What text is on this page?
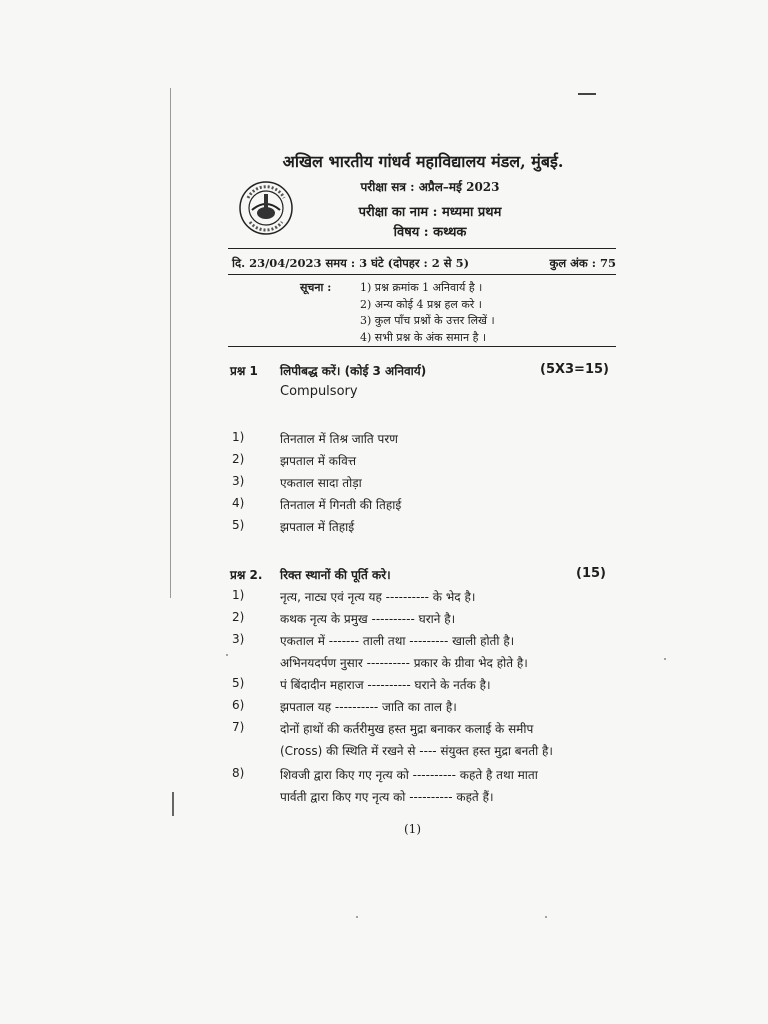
अखिल भारतीय गांधर्व महाविद्यालय मंडल, मुंबई.
परीक्षा सत्र : अप्रैल–मई 2023
परीक्षा का नाम : मध्यमा प्रथम
विषय : कथ्थक
दि. 23/04/2023 समय : 3 घंटे (दोपहर : 2 से 5)	कुल अंक : 75
सूचना :	1) प्रश्न क्रमांक 1 अनिवार्य है ।
2) अन्य कोई 4 प्रश्न हल करे ।
3) कुल पाँच प्रश्नों के उत्तर लिखें ।
4) सभी प्रश्न के अंक समान है ।
प्रश्न 1 लिपीबद्ध करें। (कोई 3 अनिवार्य)	(5X3=15)
Compulsory
1)	तिनताल में तिश्र जाति परण
2)	झपताल में कवित्त
3)	एकताल सादा तोड़ा
4)	तिनताल में गिनती की तिहाई
5)	झपताल में तिहाई
प्रश्न 2. रिक्त स्थानों की पूर्ति करे।	(15)
1)	नृत्य, नाट्य एवं नृत्य यह ---------- के भेद है।
2)	कथक नृत्य के प्रमुख ---------- घराने है।
3)	एकताल में ------- ताली तथा --------- खाली होती है।
अभिनयदर्पण नुसार ---------- प्रकार के ग्रीवा भेद होते है।
5)	पं बिंदादीन महाराज ---------- घराने के नर्तक है।
6)	झपताल यह ---------- जाति का ताल है।
7)	दोनों हाथों की कर्तरीमुख हस्त मुद्रा बनाकर कलाई के समीप
(Cross) की स्थिति में रखने से ---- संयुक्त हस्त मुद्रा बनती है।
8)	शिवजी द्वारा किए गए नृत्य को ---------- कहते है तथा माता
पार्वती द्वारा किए गए नृत्य को ---------- कहते हैं।
(1)
